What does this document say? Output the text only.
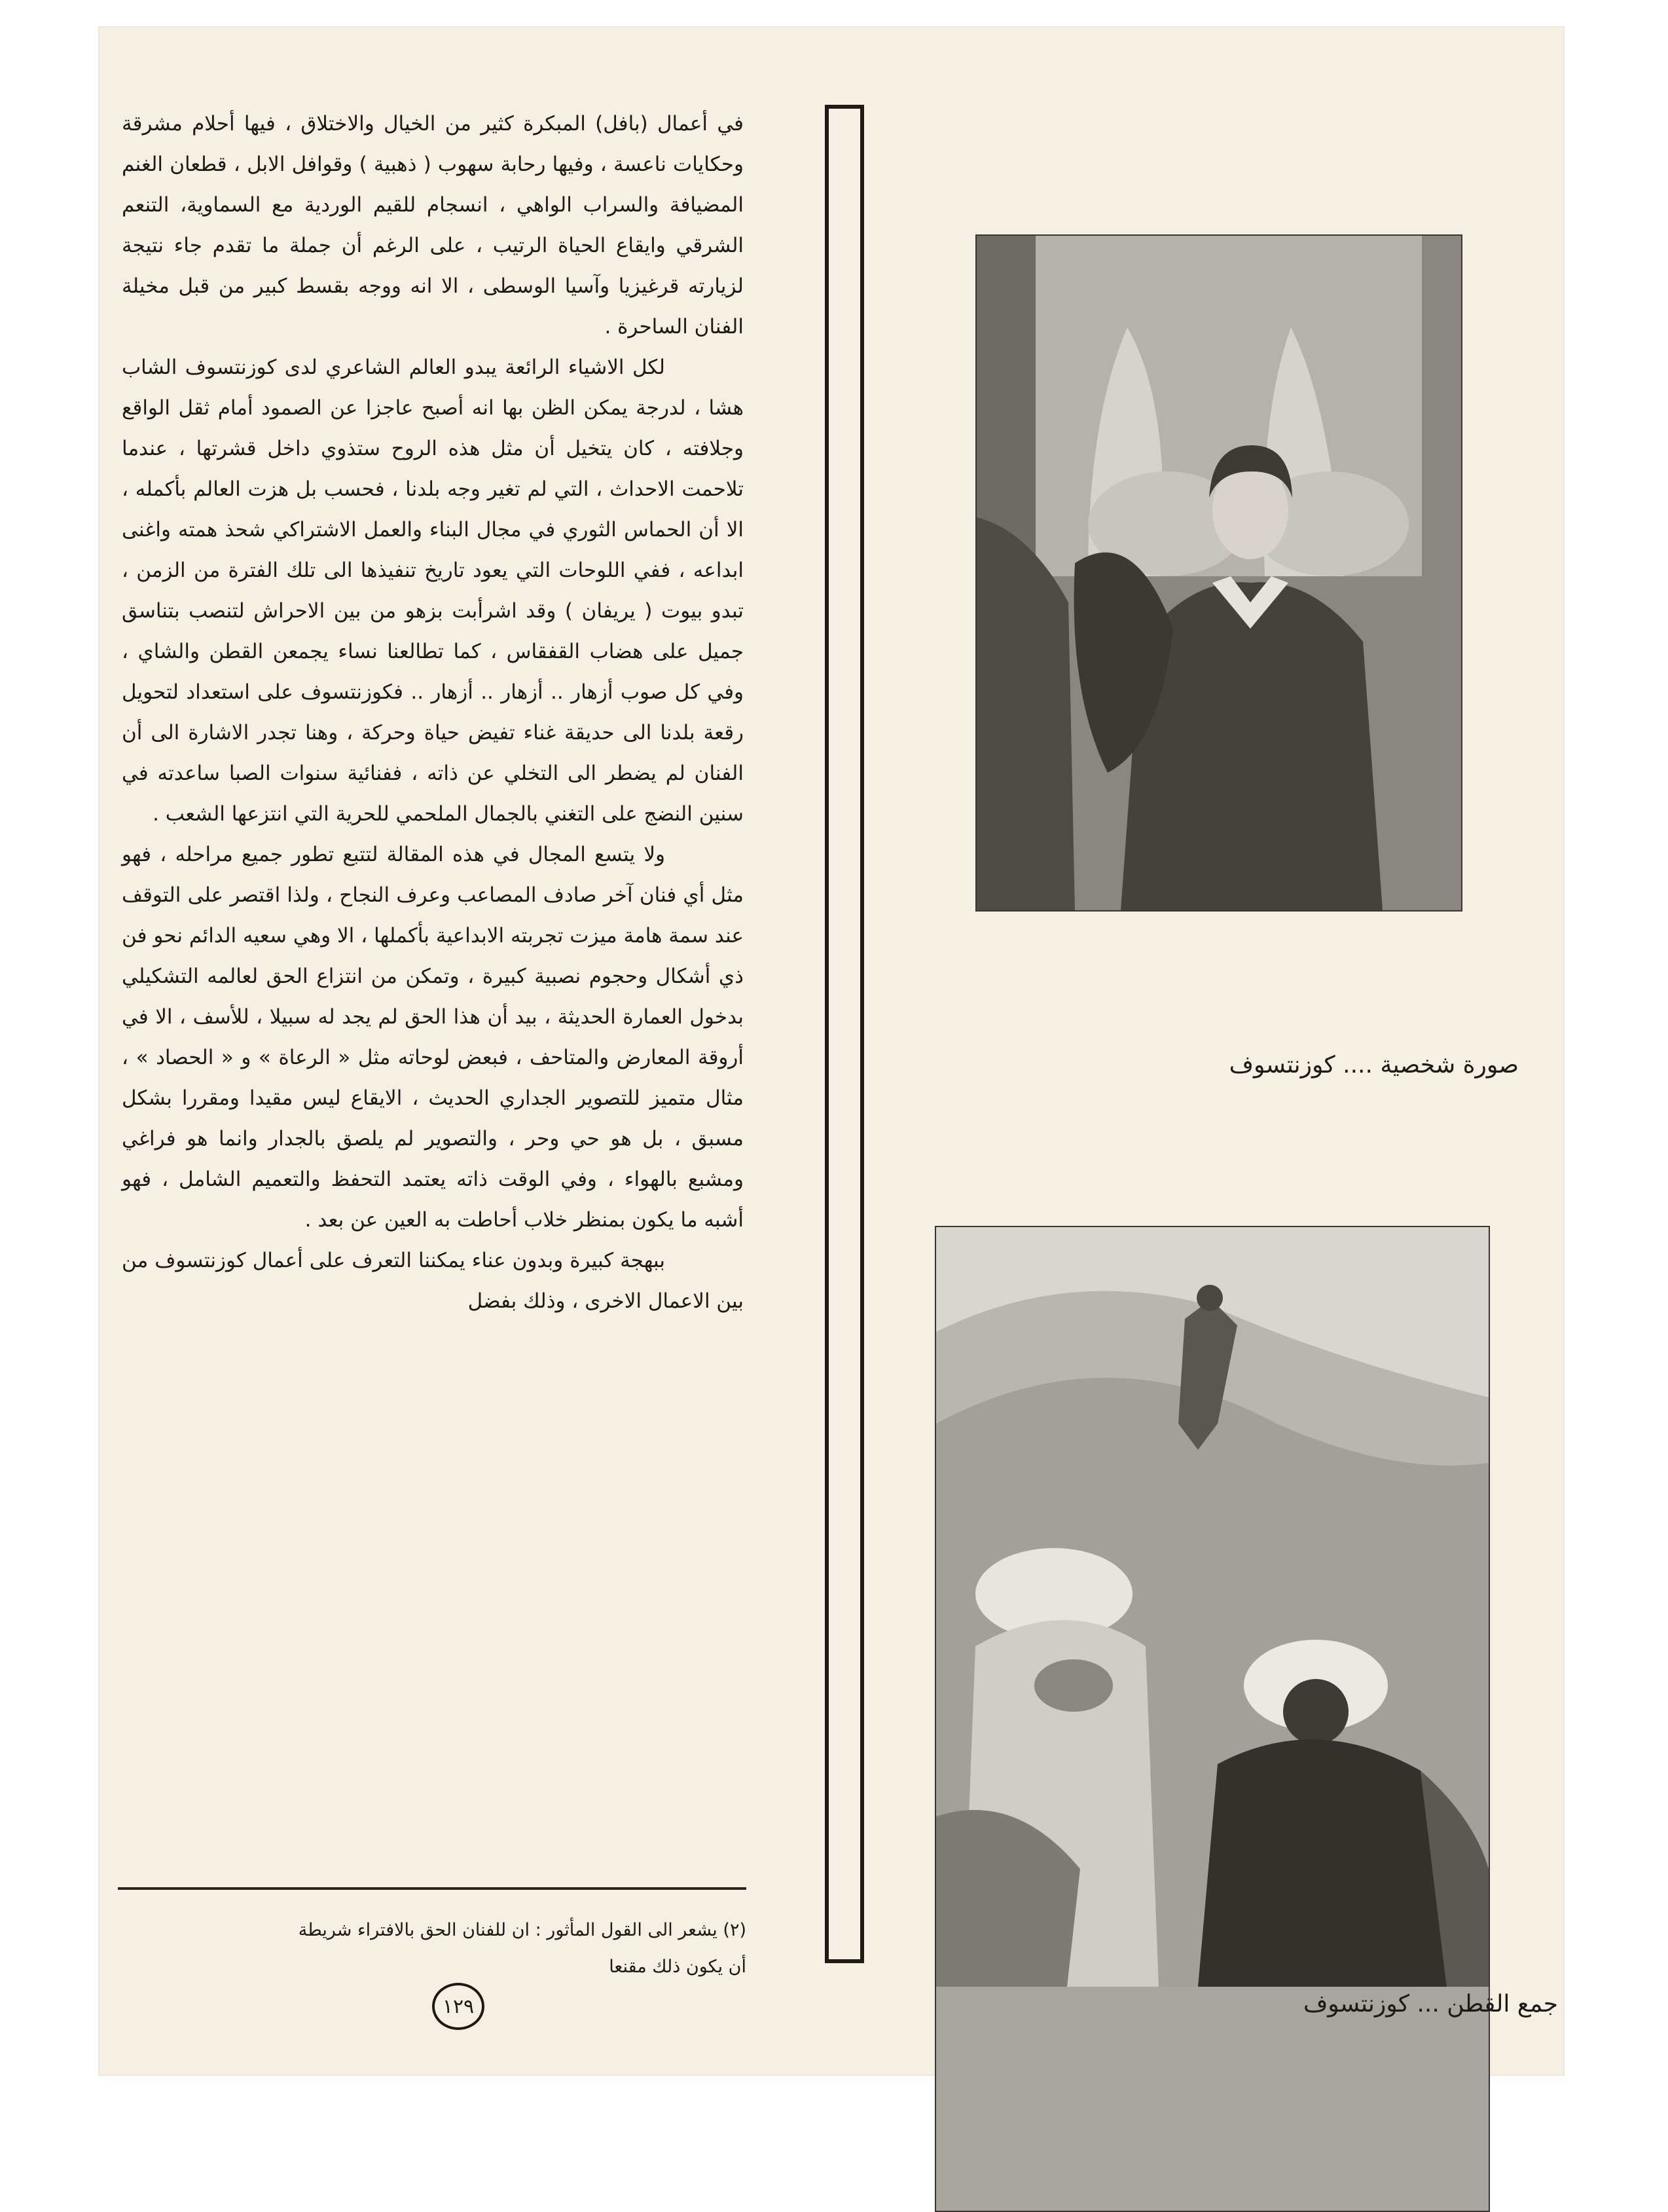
في أعمال (بافل) المبكرة كثير من الخيال والاختلاق ، فيها أحلام مشرقة وحكايات ناعسة ، وفيها رحابة سهوب ( ذهبية ) وقوافل الابل ، قطعان الغنم المضيافة والسراب الواهي ، انسجام للقيم الوردية مع السماوية، التنعم الشرقي وايقاع الحياة الرتيب ، على الرغم أن جملة ما تقدم جاء نتيجة لزيارته قرغيزيا وآسيا الوسطى ، الا انه ووجه بقسط كبير من قبل مخيلة الفنان الساحرة .

لكل الاشياء الرائعة يبدو العالم الشاعري لدى كوزنتسوف الشاب هشا ، لدرجة يمكن الظن بها انه أصبح عاجزا عن الصمود أمام ثقل الواقع وجلافته ، كان يتخيل أن مثل هذه الروح ستذوي داخل قشرتها ، عندما تلاحمت الاحداث ، التي لم تغير وجه بلدنا ، فحسب بل هزت العالم بأكمله ، الا أن الحماس الثوري في مجال البناء والعمل الاشتراكي شحذ همته واغنى ابداعه ، ففي اللوحات التي يعود تاريخ تنفيذها الى تلك الفترة من الزمن ، تبدو بيوت ( يريفان ) وقد اشرأبت بزهو من بين الاحراش لتنصب بتناسق جميل على هضاب القفقاس ، كما تطالعنا نساء يجمعن القطن والشاي ، وفي كل صوب أزهار .. أزهار .. أزهار .. فكوزنتسوف على استعداد لتحويل رقعة بلدنا الى حديقة غناء تفيض حياة وحركة ، وهنا تجدر الاشارة الى أن الفنان لم يضطر الى التخلي عن ذاته ، ففنائية سنوات الصبا ساعدته في سنين النضج على التغني بالجمال الملحمي للحرية التي انتزعها الشعب .

ولا يتسع المجال في هذه المقالة لتتبع تطور جميع مراحله ، فهو مثل أي فنان آخر صادف المصاعب وعرف النجاح ، ولذا اقتصر على التوقف عند سمة هامة ميزت تجربته الابداعية بأكملها ، الا وهي سعيه الدائم نحو فن ذي أشكال وحجوم نصبية كبيرة ، وتمكن من انتزاع الحق لعالمه التشكيلي بدخول العمارة الحديثة ، بيد أن هذا الحق لم يجد له سبيلا ، للأسف ، الا في أروقة المعارض والمتاحف ، فبعض لوحاته مثل « الرعاة » و « الحصاد » ، مثال متميز للتصوير الجداري الحديث ، الايقاع ليس مقيدا ومقررا بشكل مسبق ، بل هو حي وحر ، والتصوير لم يلصق بالجدار وانما هو فراغي ومشبع بالهواء ، وفي الوقت ذاته يعتمد التحفظ والتعميم الشامل ، فهو أشبه ما يكون بمنظر خلاب أحاطت به العين عن بعد .

ببهجة كبيرة وبدون عناء يمكننا التعرف على أعمال كوزنتسوف من بين الاعمال الاخرى ، وذلك بفضل

(٢) يشعر الى القول المأثور : ان للفنان الحق بالافتراء شريطة
أن يكون ذلك مقنعا
١٢٩
صورة شخصية .... كوزنتسوف
جمع القطن ... كوزنتسوف
